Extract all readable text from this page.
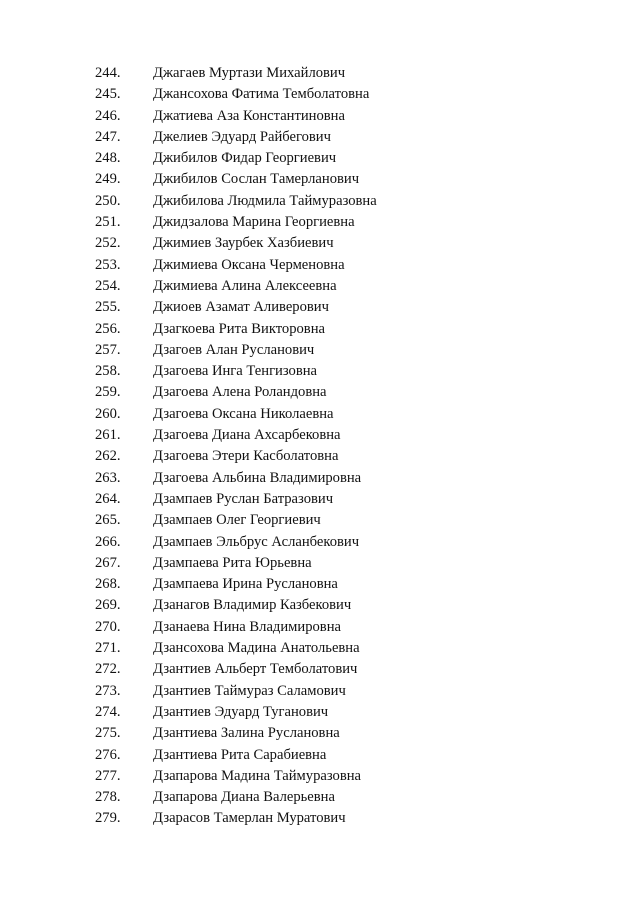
244.	Джагаев Муртази Михайлович
245.	Джансохова Фатима Темболатовна
246.	Джатиева Аза Константиновна
247.	Джелиев Эдуард Райбегович
248.	Джибилов Фидар Георгиевич
249.	Джибилов Сослан Тамерланович
250.	Джибилова Людмила Таймуразовна
251.	Джидзалова Марина Георгиевна
252.	Джимиев Заурбек Хазбиевич
253.	Джимиева Оксана Черменовна
254.	Джимиева Алина Алексеевна
255.	Джиоев Азамат Аливерович
256.	Дзагкоева Рита Викторовна
257.	Дзагоев Алан Русланович
258.	Дзагоева Инга Тенгизовна
259.	Дзагоева Алена Роландовна
260.	Дзагоева Оксана Николаевна
261.	Дзагоева Диана Ахсарбековна
262.	Дзагоева Этери Касболатовна
263.	Дзагоева Альбина Владимировна
264.	Дзампаев Руслан Батразович
265.	Дзампаев Олег Георгиевич
266.	Дзампаев Эльбрус Асланбекович
267.	Дзампаева Рита Юрьевна
268.	Дзампаева Ирина Руслановна
269.	Дзанагов Владимир Казбекович
270.	Дзанаева Нина Владимировна
271.	Дзансохова Мадина Анатольевна
272.	Дзантиев Альберт Темболатович
273.	Дзантиев Таймураз Саламович
274.	Дзантиев Эдуард Туганович
275.	Дзантиева Залина Руслановна
276.	Дзантиева Рита Сарабиевна
277.	Дзапарова Мадина Таймуразовна
278.	Дзапарова Диана Валерьевна
279.	Дзарасов Тамерлан Муратович
